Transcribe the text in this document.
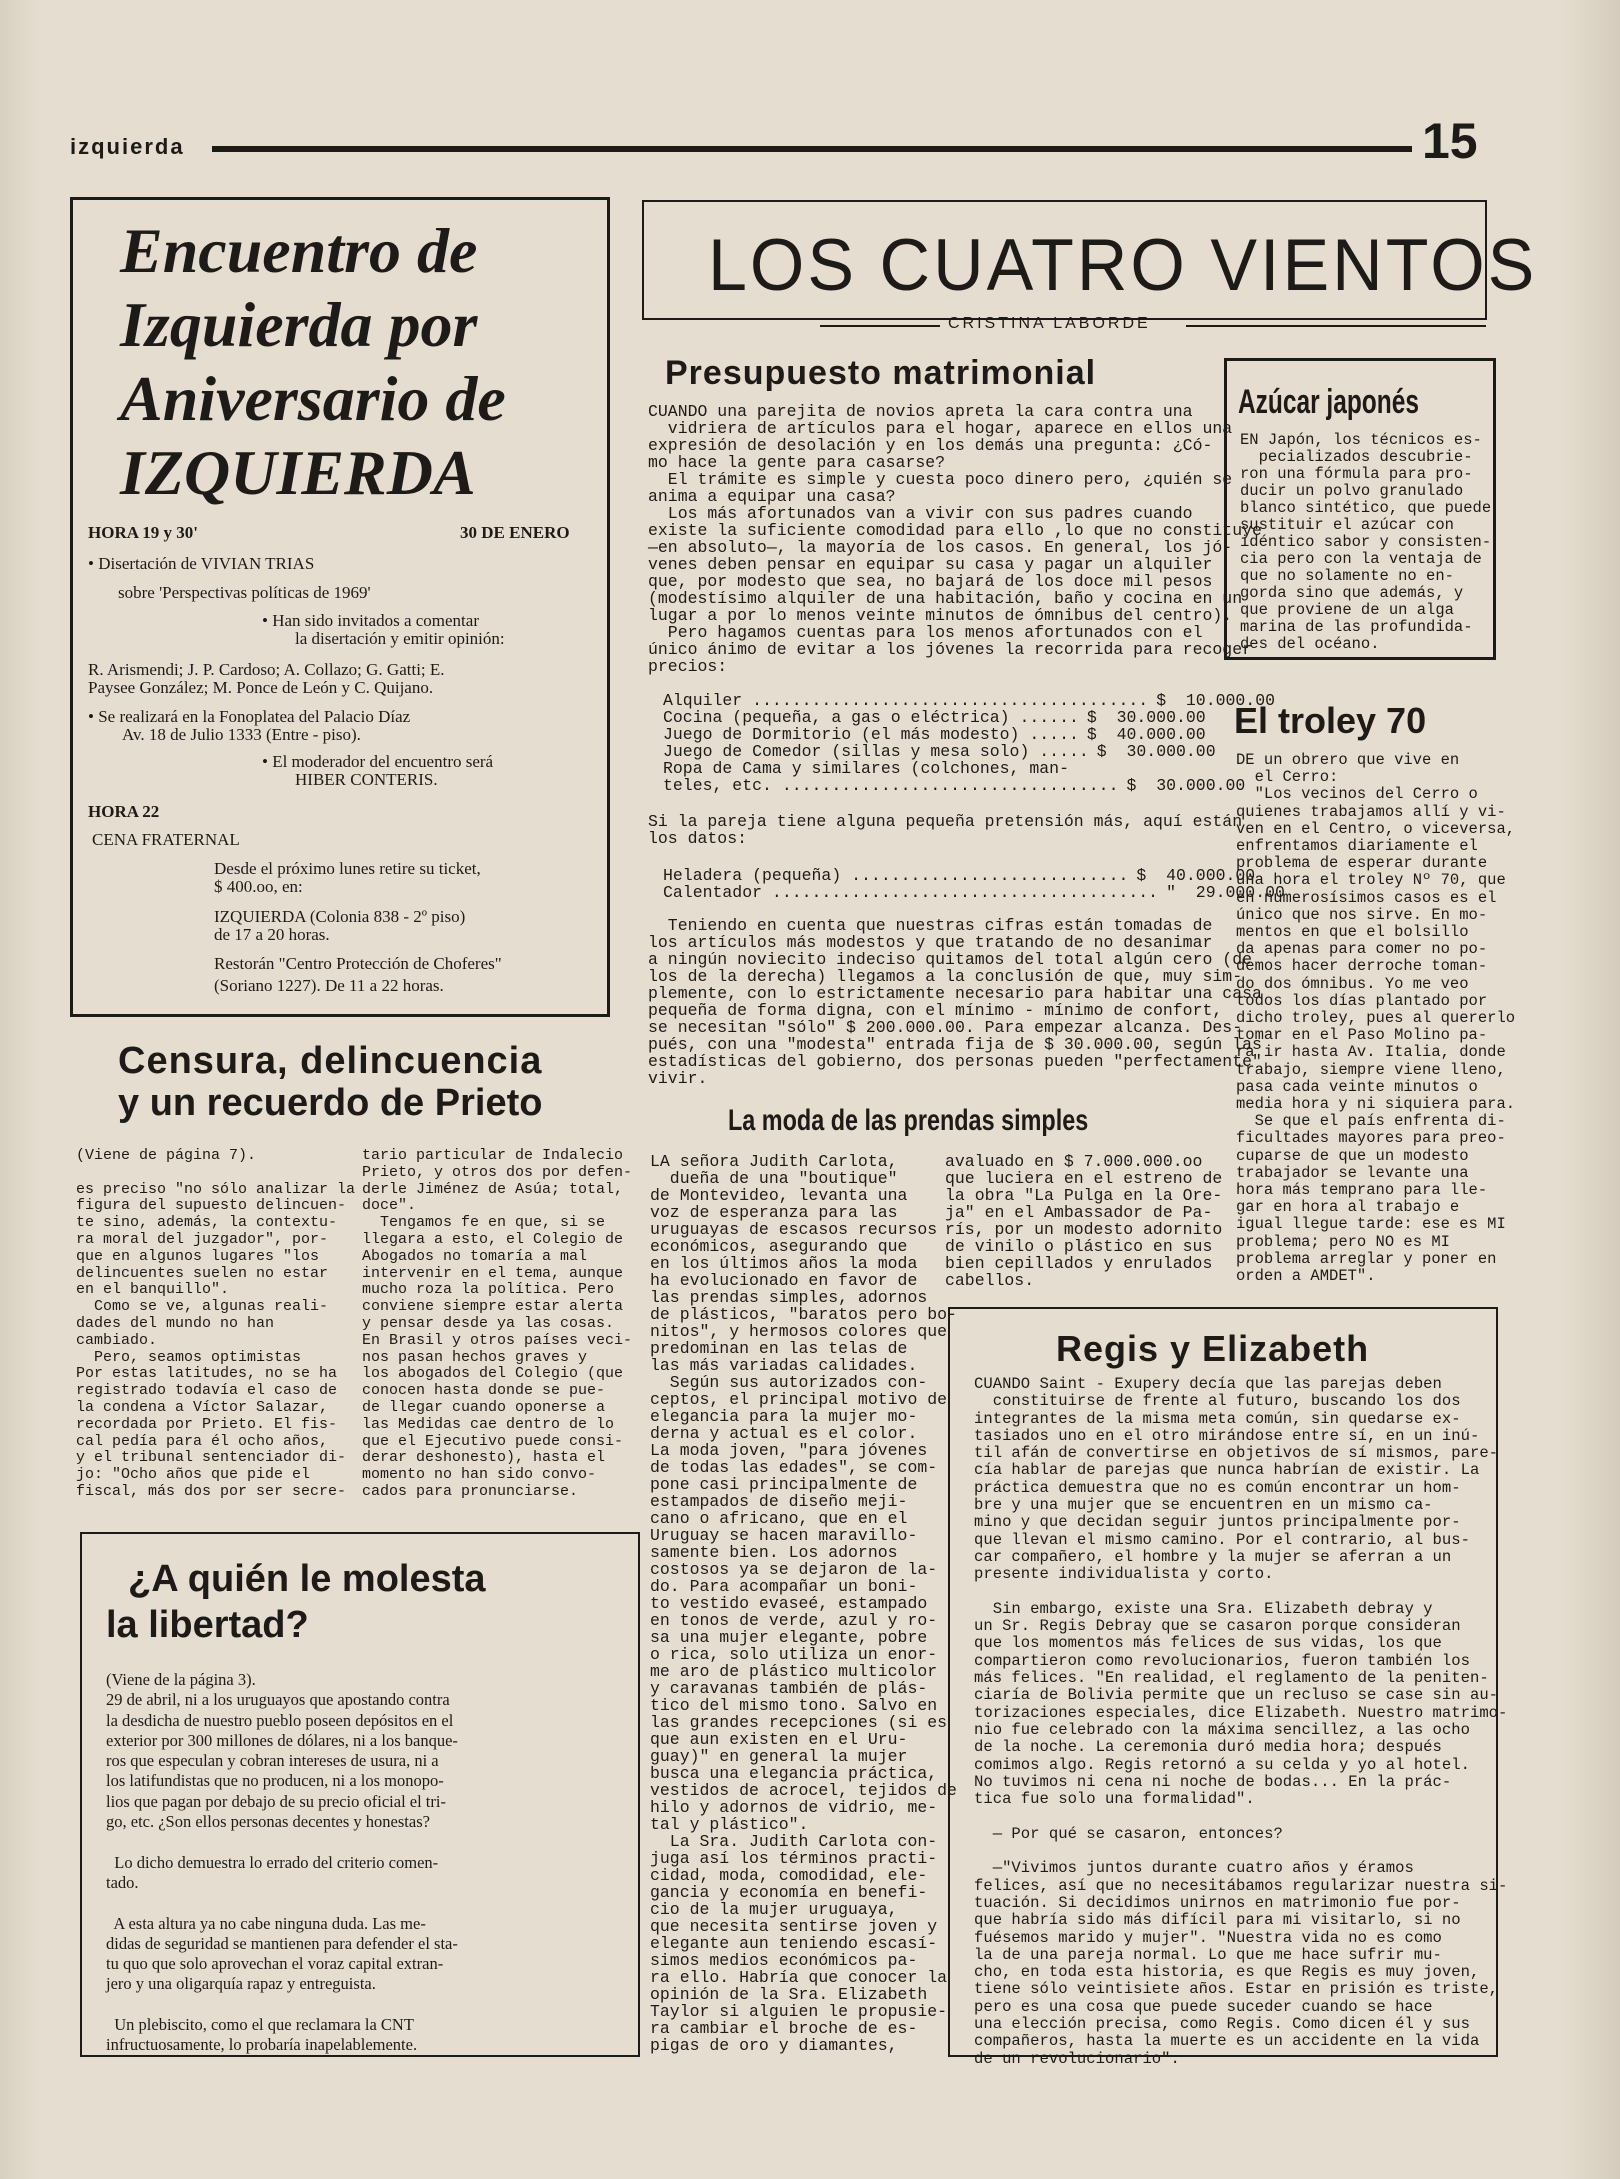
izquierda	15
Encuentro de
Izquierda por
Aniversario de
IZQUIERDA
HORA 19 y 30'	30 DE ENERO
• Disertación de VIVIAN TRIAS
sobre 'Perspectivas políticas de 1969'
• Han sido invitados a comentar
la disertación y emitir opinión:
R. Arismendi; J. P. Cardoso; A. Collazo; G. Gatti; E.
Paysee González; M. Ponce de León y C. Quijano.
• Se realizará en la Fonoplatea del Palacio Díaz
Av. 18 de Julio 1333 (Entre - piso).
• El moderador del encuentro será
HIBER CONTERIS.
HORA 22
CENA FRATERNAL
Desde el próximo lunes retire su ticket,
$ 400.oo, en:
IZQUIERDA (Colonia 838 - 2º piso)
de 17 a 20 horas.
Restorán "Centro Protección de Choferes"
(Soriano 1227). De 11 a 22 horas.
Censura, delincuencia
y un recuerdo de Prieto
(Viene de página 7).

es preciso "no sólo analizar la
figura del supuesto delincuen-
te sino, además, la contextu-
ra moral del juzgador", por-
que en algunos lugares "los
delincuentes suelen no estar
en el banquillo".
Como se ve, algunas reali-
dades del mundo no han
cambiado.
Pero, seamos optimistas
Por estas latitudes, no se ha
registrado todavía el caso de
la condena a Víctor Salazar,
recordada por Prieto. El fis-
cal pedía para él ocho años,
y el tribunal sentenciador di-
jo: "Ocho años que pide el
fiscal, más dos por ser secre-
tario particular de Indalecio
Prieto, y otros dos por defen-
derle Jiménez de Asúa; total,
doce".
Tengamos fe en que, si se
llegara a esto, el Colegio de
Abogados no tomaría a mal
intervenir en el tema, aunque
mucho roza la política. Pero
conviene siempre estar alerta
y pensar desde ya las cosas.
En Brasil y otros países veci-
nos pasan hechos graves y
los abogados del Colegio (que
conocen hasta donde se pue-
de llegar cuando oponerse a
las Medidas cae dentro de lo
que el Ejecutivo puede consi-
derar deshonesto), hasta el
momento no han sido convo-
cados para pronunciarse.
¿A quién le molesta
la libertad?
(Viene de la página 3).
29 de abril, ni a los uruguayos que apostando contra
la desdicha de nuestro pueblo poseen depósitos en el
exterior por 300 millones de dólares, ni a los banque-
ros que especulan y cobran intereses de usura, ni a
los latifundistas que no producen, ni a los monopo-
lios que pagan por debajo de su precio oficial el tri-
go, etc. ¿Son ellos personas decentes y honestas?

Lo dicho demuestra lo errado del criterio comen-
tado.

A esta altura ya no cabe ninguna duda. Las me-
didas de seguridad se mantienen para defender el sta-
tu quo que solo aprovechan el voraz capital extran-
jero y una oligarquía rapaz y entreguista.

Un plebiscito, como el que reclamara la CNT
infructuosamente, lo probaría inapelablemente.
LOS CUATRO VIENTOS
CRISTINA LABORDE
Presupuesto matrimonial
CUANDO una parejita de novios apreta la cara contra una
vidriera de artículos para el hogar, aparece en ellos una
expresión de desolación y en los demás una pregunta: ¿Có-
mo hace la gente para casarse?
El trámite es simple y cuesta poco dinero pero, ¿quién se
anima a equipar una casa?
Los más afortunados van a vivir con sus padres cuando
existe la suficiente comodidad para ello ,lo que no constituye
—en absoluto—, la mayoría de los casos. En general, los jó-
venes deben pensar en equipar su casa y pagar un alquiler
que, por modesto que sea, no bajará de los doce mil pesos
(modestísimo alquiler de una habitación, baño y cocina en un
lugar a por lo menos veinte minutos de ómnibus del centro).
Pero hagamos cuentas para los menos afortunados con el
único ánimo de evitar a los jóvenes la recorrida para recoger
precios:
Alquiler ........................................ $  10.000.00
Cocina (pequeña, a gas o eléctrica) ...... $  30.000.00
Juego de Dormitorio (el más modesto) ..... $  40.000.00
Juego de Comedor (sillas y mesa solo) ..... $  30.000.00
Ropa de Cama y similares (colchones, man-
teles, etc. .................................. $  30.000.00
Si la pareja tiene alguna pequeña pretensión más, aquí están
los datos:
Heladera (pequeña) ............................ $  40.000.00
Calentador ....................................... "  29.000.00
Teniendo en cuenta que nuestras cifras están tomadas de
los artículos más modestos y que tratando de no desanimar
a ningún noviecito indeciso quitamos del total algún cero (de
los de la derecha) llegamos a la conclusión de que, muy sim-
plemente, con lo estrictamente necesario para habitar una casa
pequeña de forma digna, con el mínimo - mínimo de confort,
se necesitan "sólo" $ 200.000.00. Para empezar alcanza. Des-
pués, con una "modesta" entrada fija de $ 30.000.00, según las
estadísticas del gobierno, dos personas pueden "perfectamente"
vivir.
La moda de las prendas simples
LA señora Judith Carlota,
dueña de una "boutique"
de Montevideo, levanta una
voz de esperanza para las
uruguayas de escasos recursos
económicos, asegurando que
en los últimos años la moda
ha evolucionado en favor de
las prendas simples, adornos
de plásticos, "baratos pero bo-
nitos", y hermosos colores que
predominan en las telas de
las más variadas calidades.
Según sus autorizados con-
ceptos, el principal motivo de
elegancia para la mujer mo-
derna y actual es el color.
La moda joven, "para jóvenes
de todas las edades", se com-
pone casi principalmente de
estampados de diseño meji-
cano o africano, que en el
Uruguay se hacen maravillo-
samente bien. Los adornos
costosos ya se dejaron de la-
do. Para acompañar un boni-
to vestido evaseé, estampado
en tonos de verde, azul y ro-
sa una mujer elegante, pobre
o rica, solo utiliza un enor-
me aro de plástico multicolor
y caravanas también de plás-
tico del mismo tono. Salvo en
las grandes recepciones (si es
que aun existen en el Uru-
guay)" en general la mujer
busca una elegancia práctica,
vestidos de acrocel, tejidos de
hilo y adornos de vidrio, me-
tal y plástico".
La Sra. Judith Carlota con-
juga así los términos practi-
cidad, moda, comodidad, ele-
gancia y economía en benefi-
cio de la mujer uruguaya,
que necesita sentirse joven y
elegante aun teniendo escasí-
simos medios económicos pa-
ra ello. Habría que conocer la
opinión de la Sra. Elizabeth
Taylor si alguien le propusie-
ra cambiar el broche de es-
pigas de oro y diamantes,
avaluado en $ 7.000.000.oo
que luciera en el estreno de
la obra "La Pulga en la Ore-
ja" en el Ambassador de Pa-
rís, por un modesto adornito
de vinilo o plástico en sus
bien cepillados y enrulados
cabellos.
Azúcar japonés
EN Japón, los técnicos es-
pecializados descubrie-
ron una fórmula para pro-
ducir un polvo granulado
blanco sintético, que puede
sustituir el azúcar con
idéntico sabor y consisten-
cia pero con la ventaja de
que no solamente no en-
gorda sino que además, y
que proviene de un alga
marina de las profundida-
des del océano.
El troley 70
DE un obrero que vive en
el Cerro:
"Los vecinos del Cerro o
quienes trabajamos allí y vi-
ven en el Centro, o viceversa,
enfrentamos diariamente el
problema de esperar durante
una hora el troley Nº 70, que
en numerosísimos casos es el
único que nos sirve. En mo-
mentos en que el bolsillo
da apenas para comer no po-
demos hacer derroche toman-
do dos ómnibus. Yo me veo
todos los días plantado por
dicho troley, pues al quererlo
tomar en el Paso Molino pa-
ra ir hasta Av. Italia, donde
trabajo, siempre viene lleno,
pasa cada veinte minutos o
media hora y ni siquiera para.
Se que el país enfrenta di-
ficultades mayores para preo-
cuparse de que un modesto
trabajador se levante una
hora más temprano para lle-
gar en hora al trabajo e
igual llegue tarde: ese es MI
problema; pero NO es MI
problema arreglar y poner en
orden a AMDET".
Regis y Elizabeth
CUANDO Saint - Exupery decía que las parejas deben
constituirse de frente al futuro, buscando los dos
integrantes de la misma meta común, sin quedarse ex-
tasiados uno en el otro mirándose entre sí, en un inú-
til afán de convertirse en objetivos de sí mismos, pare-
cía hablar de parejas que nunca habrían de existir. La
práctica demuestra que no es común encontrar un hom-
bre y una mujer que se encuentren en un mismo ca-
mino y que decidan seguir juntos principalmente por-
que llevan el mismo camino. Por el contrario, al bus-
car compañero, el hombre y la mujer se aferran a un
presente individualista y corto.

Sin embargo, existe una Sra. Elizabeth debray y
un Sr. Regis Debray que se casaron porque consideran
que los momentos más felices de sus vidas, los que
compartieron como revolucionarios, fueron también los
más felices. "En realidad, el reglamento de la peniten-
ciaría de Bolivia permite que un recluso se case sin au-
torizaciones especiales, dice Elizabeth. Nuestro matrimo-
nio fue celebrado con la máxima sencillez, a las ocho
de la noche. La ceremonia duró media hora; después
comimos algo. Regis retornó a su celda y yo al hotel.
No tuvimos ni cena ni noche de bodas... En la prác-
tica fue solo una formalidad".

— Por qué se casaron, entonces?

—"Vivimos juntos durante cuatro años y éramos
felices, así que no necesitábamos regularizar nuestra si-
tuación. Si decidimos unirnos en matrimonio fue por-
que habría sido más difícil para mi visitarlo, si no
fuésemos marido y mujer". "Nuestra vida no es como
la de una pareja normal. Lo que me hace sufrir mu-
cho, en toda esta historia, es que Regis es muy joven,
tiene sólo veintisiete años. Estar en prisión es triste,
pero es una cosa que puede suceder cuando se hace
una elección precisa, como Regis. Como dicen él y sus
compañeros, hasta la muerte es un accidente en la vida
de un revolucionario".
